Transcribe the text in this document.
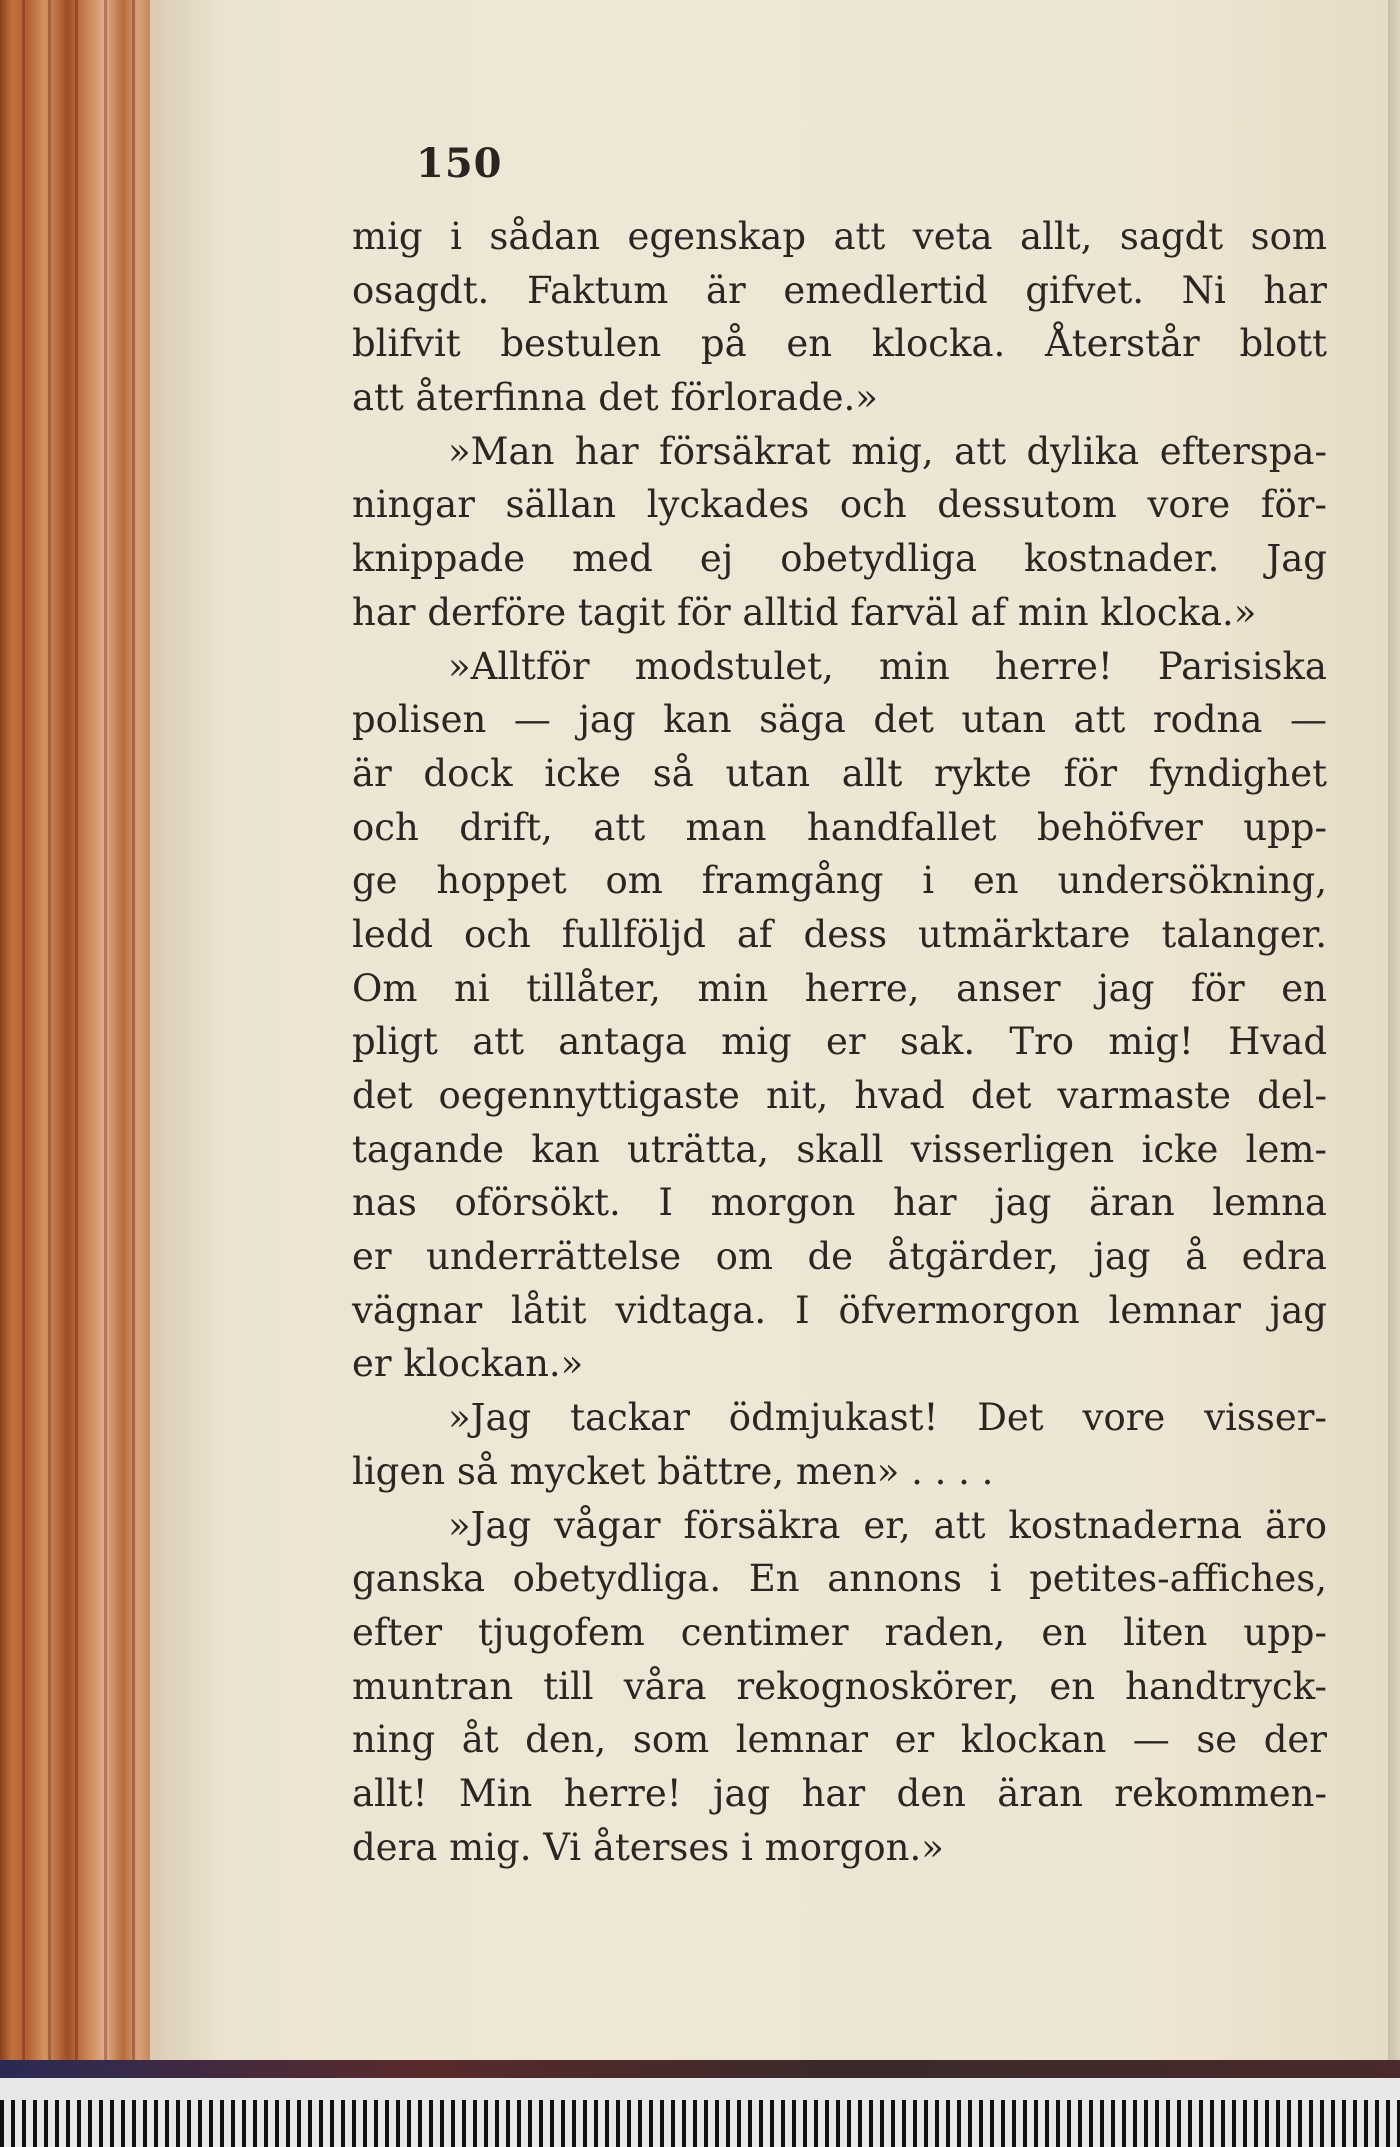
150
mig i sådan egenskap att veta allt, sagdt som
osagdt. Faktum är emedlertid gifvet. Ni har
blifvit bestulen på en klocka. Återstår blott
att återfinna det förlorade.»
»Man har försäkrat mig, att dylika efterspa-
ningar sällan lyckades och dessutom vore för-
knippade med ej obetydliga kostnader. Jag
har derföre tagit för alltid farväl af min klocka.»
»Alltför modstulet, min herre! Parisiska
polisen — jag kan säga det utan att rodna —
är dock icke så utan allt rykte för fyndighet
och drift, att man handfallet behöfver upp-
ge hoppet om framgång i en undersökning,
ledd och fullföljd af dess utmärktare talanger.
Om ni tillåter, min herre, anser jag för en
pligt att antaga mig er sak. Tro mig! Hvad
det oegennyttigaste nit, hvad det varmaste del-
tagande kan uträtta, skall visserligen icke lem-
nas oförsökt. I morgon har jag äran lemna
er underrättelse om de åtgärder, jag å edra
vägnar låtit vidtaga. I öfvermorgon lemnar jag
er klockan.»
»Jag tackar ödmjukast! Det vore visser-
ligen så mycket bättre, men» . . . .
»Jag vågar försäkra er, att kostnaderna äro
ganska obetydliga. En annons i petites-affiches,
efter tjugofem centimer raden, en liten upp-
muntran till våra rekognoskörer, en handtryck-
ning åt den, som lemnar er klockan — se der
allt! Min herre! jag har den äran rekommen-
dera mig. Vi återses i morgon.»
